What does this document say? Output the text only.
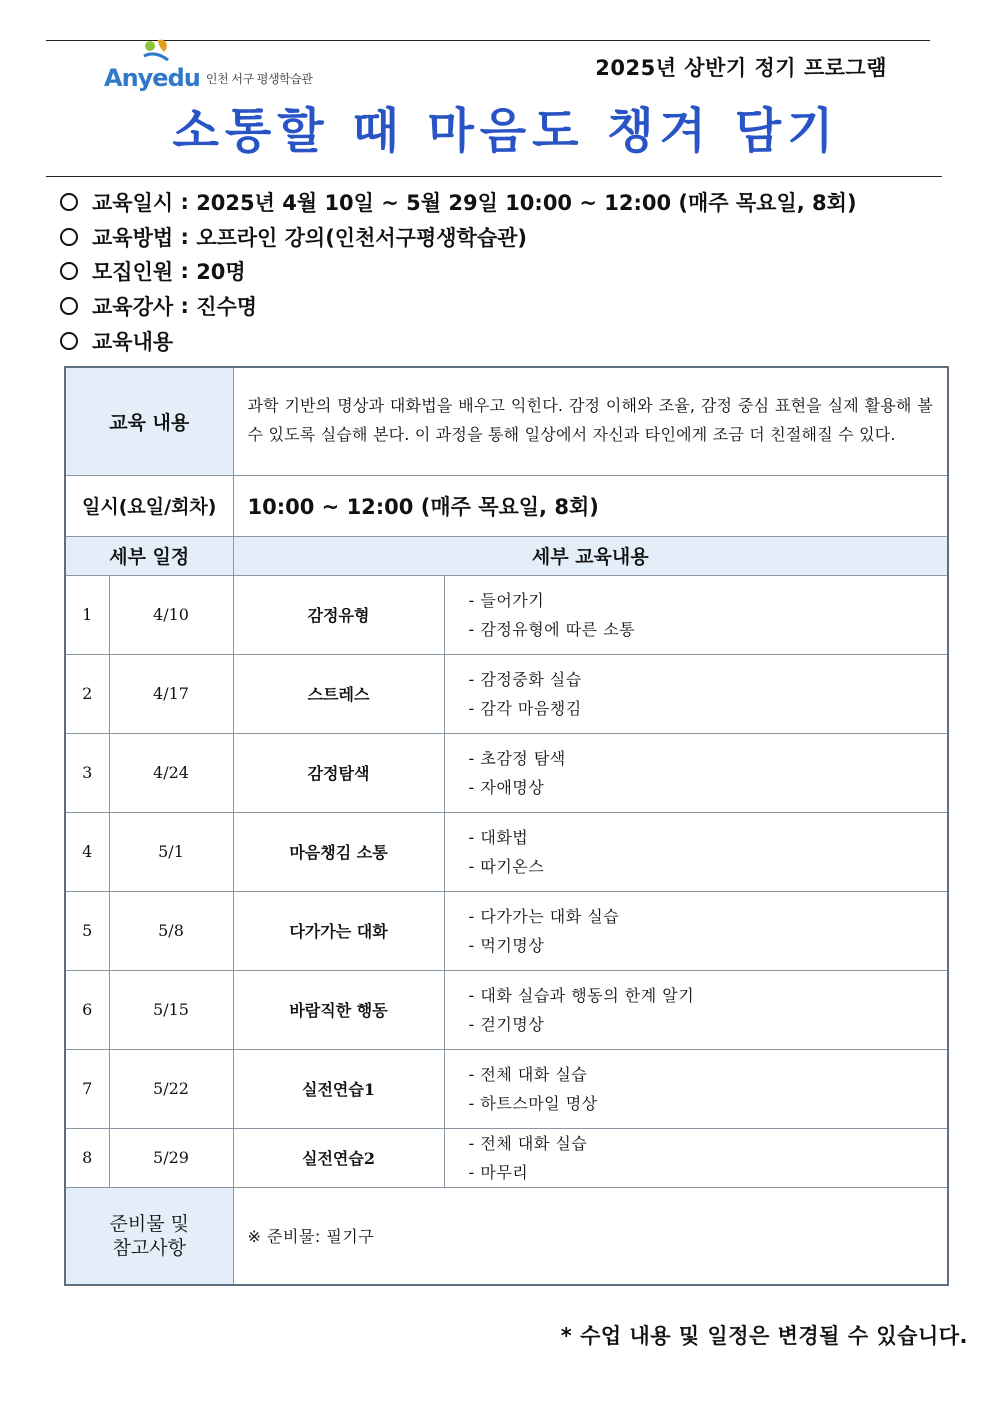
Anyedu 인천 서구 평생학습관	2025년 상반기 정기 프로그램
소통할 때 마음도 챙겨 담기
교육일시 : 2025년 4월 10일 ~ 5월 29일 10:00 ~ 12:00 (매주 목요일, 8회)
교육방법 : 오프라인 강의(인천서구평생학습관)
모집인원 : 20명
교육강사 : 진수명
교육내용
교육 내용		과학 기반의 명상과 대화법을 배우고 익힌다. 감정 이해와 조율, 감정 중심 표현을 실제 활용해 볼 수 있도록 실습해 본다. 이 과정을 통해 일상에서 자신과 타인에게 조금 더 친절해질 수 있다.	
일시(요일/회차)		10:00 ~ 12:00 (매주 목요일, 8회)	
세부 일정		세부 교육내용	
1	4/10	감정유형	- 들어가기
- 감정유형에 따른 소통

2	4/17	스트레스	- 감정중화 실습
- 감각 마음챙김

3	4/24	감정탐색	- 초감정 탐색
- 자애명상

4	5/1	마음챙김 소통	- 대화법
- 따기온스

5	5/8	다가가는 대화	- 다가가는 대화 실습
- 먹기명상

6	5/15	바람직한 행동	- 대화 실습과 행동의 한계 알기
- 걷기명상

7	5/22	실전연습1	- 전체 대화 실습
- 하트스마일 명상

8	5/29	실전연습2	- 전체 대화 실습
- 마무리

준비물 및
참고사항		※ 준비물: 필기구	
* 수업 내용 및 일정은 변경될 수 있습니다.
